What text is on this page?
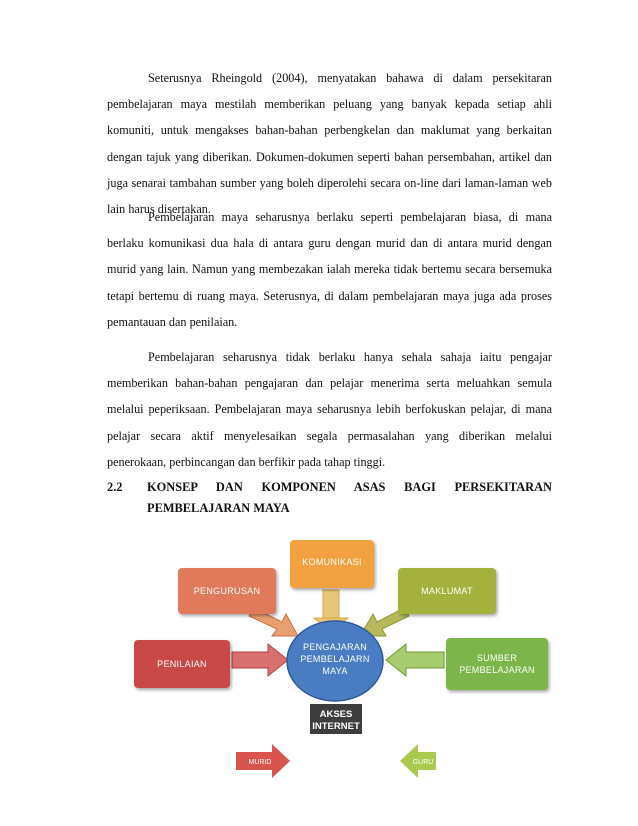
Seterusnya Rheingold (2004), menyatakan bahawa di dalam persekitaran pembelajaran maya mestilah memberikan peluang yang banyak kepada setiap ahli komuniti, untuk mengakses bahan-bahan perbengkelan dan maklumat yang berkaitan dengan tajuk yang diberikan. Dokumen-dokumen seperti bahan persembahan, artikel dan juga senarai tambahan sumber yang boleh diperolehi secara on-line dari laman-laman web lain harus disertakan.

Pembelajaran maya seharusnya berlaku seperti pembelajaran biasa, di mana berlaku komunikasi dua hala di antara guru dengan murid dan di antara murid dengan murid yang lain. Namun yang membezakan ialah mereka tidak bertemu secara bersemuka tetapi bertemu di ruang maya. Seterusnya, di dalam pembelajaran maya juga ada proses pemantauan dan penilaian.

Pembelajaran seharusnya tidak berlaku hanya sehala sahaja iaitu pengajar memberikan bahan-bahan pengajaran dan pelajar menerima serta meluahkan semula melalui peperiksaan. Pembelajaran maya seharusnya lebih berfokuskan pelajar, di mana pelajar secara aktif menyelesaikan segala permasalahan yang diberikan melalui penerokaan, perbincangan dan berfikir pada tahap tinggi.

2.2 KONSEP DAN KOMPONEN ASAS BAGI PERSEKITARAN
PEMBELAJARAN MAYA
KOMUNIKASI
PENGURUSAN	MAKLUMAT
PENILAIAN
SUMBER
PEMBELAJARAN
PENGAJARAN
PEMBELAJARN
MAYA
AKSES
INTERNET
MURID	GURU
